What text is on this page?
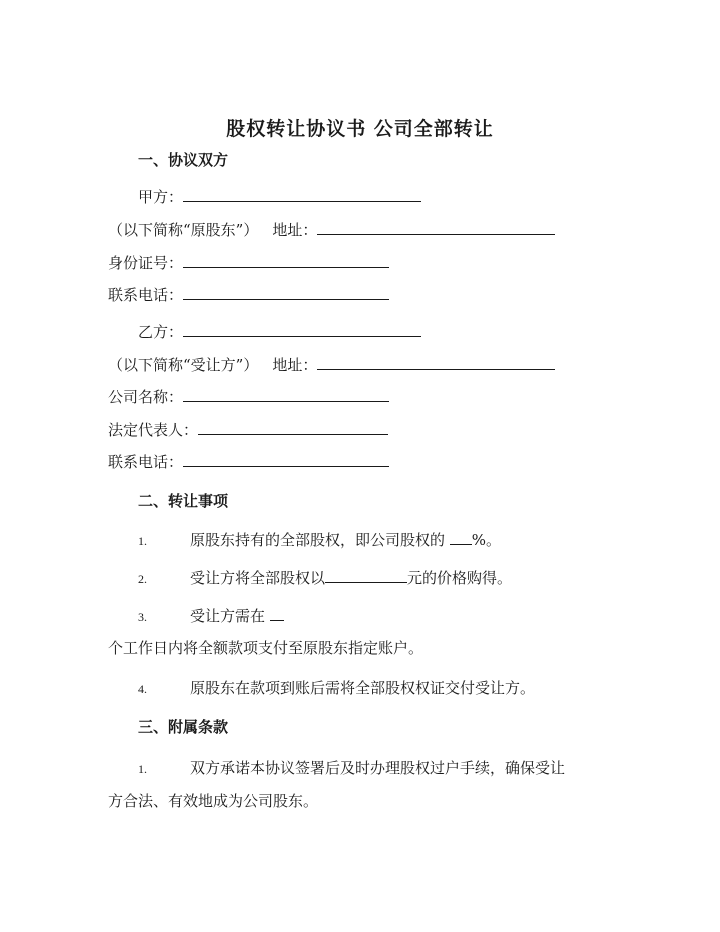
股权转让协议书 公司全部转让
一、协议双方
甲方：
（以下简称“原股东”） 地址：
身份证号：
联系电话：
乙方：
（以下简称“受让方”） 地址：
公司名称：
法定代表人：
联系电话：
二、转让事项
1.	原股东持有的全部股权，即公司股权的 %。
2.	受让方将全部股权以	元的价格购得。
3.	受让方需在
个工作日内将全额款项支付至原股东指定账户。
4.	原股东在款项到账后需将全部股权权证交付受让方。
三、附属条款
1.	双方承诺本协议签署后及时办理股权过户手续，确保受让
方合法、有效地成为公司股东。
